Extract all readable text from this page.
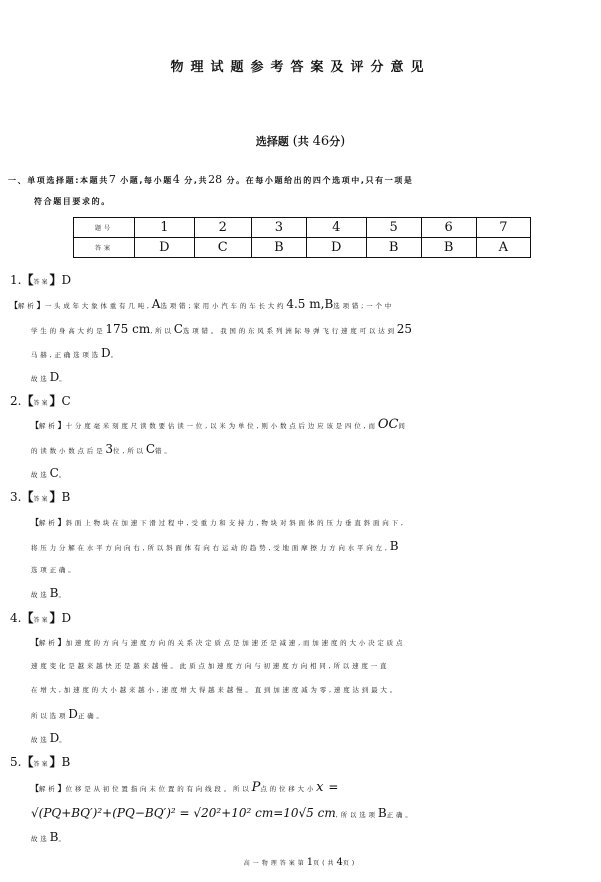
物理试题参考答案及评分意见
选择题 (共 46分)
一、单项选择题:本题共7 小题,每小题4 分,共28 分。在每小题给出的四个选项中,只有一项是
符合题目要求的。
题号	1	2	3	4	5	6	7
答案	D	C	B	D	B	B	A
1.【答案】D
【解析】一头成年大象体重有几吨,A选项错;家用小汽车的车长大约4.5 m,B选项错;一个中
学生的身高大约是175 cm,所以C选项错。我国的东风系列洲际导弹飞行速度可以达到25
马赫,正确选项选D。
故选D。
2.【答案】C
【解析】十分度毫米刻度尺读数要估读一位,以米为单位,则小数点后边应该是四位,而OC间
的读数小数点后是3位,所以C错。
故选C。
3.【答案】B
【解析】斜面上物块在加速下滑过程中,受重力和支持力,物块对斜面体的压力垂直斜面向下,
将压力分解在水平方向向右,所以斜面体有向右运动的趋势,受地面摩擦力方向水平向左,B
选项正确。
故选B。
4.【答案】D
【解析】加速度的方向与速度方向的关系决定质点是加速还是减速,而加速度的大小决定质点
速度变化是越来越快还是越来越慢。此质点加速度方向与初速度方向相同,所以速度一直
在增大,加速度的大小越来越小,速度增大得越来越慢。直到加速度减为零,速度达到最大。
所以选项D正确。
故选D。
5.【答案】B
【解析】位移是从初位置指向末位置的有向线段。所以P点的位移大小x =
√(PQ+BQ′)²+(PQ−BQ′)² = √20²+10² cm=10√5 cm,所以选项B正确。
故选B。
高一物理答案第1页(共4页)
